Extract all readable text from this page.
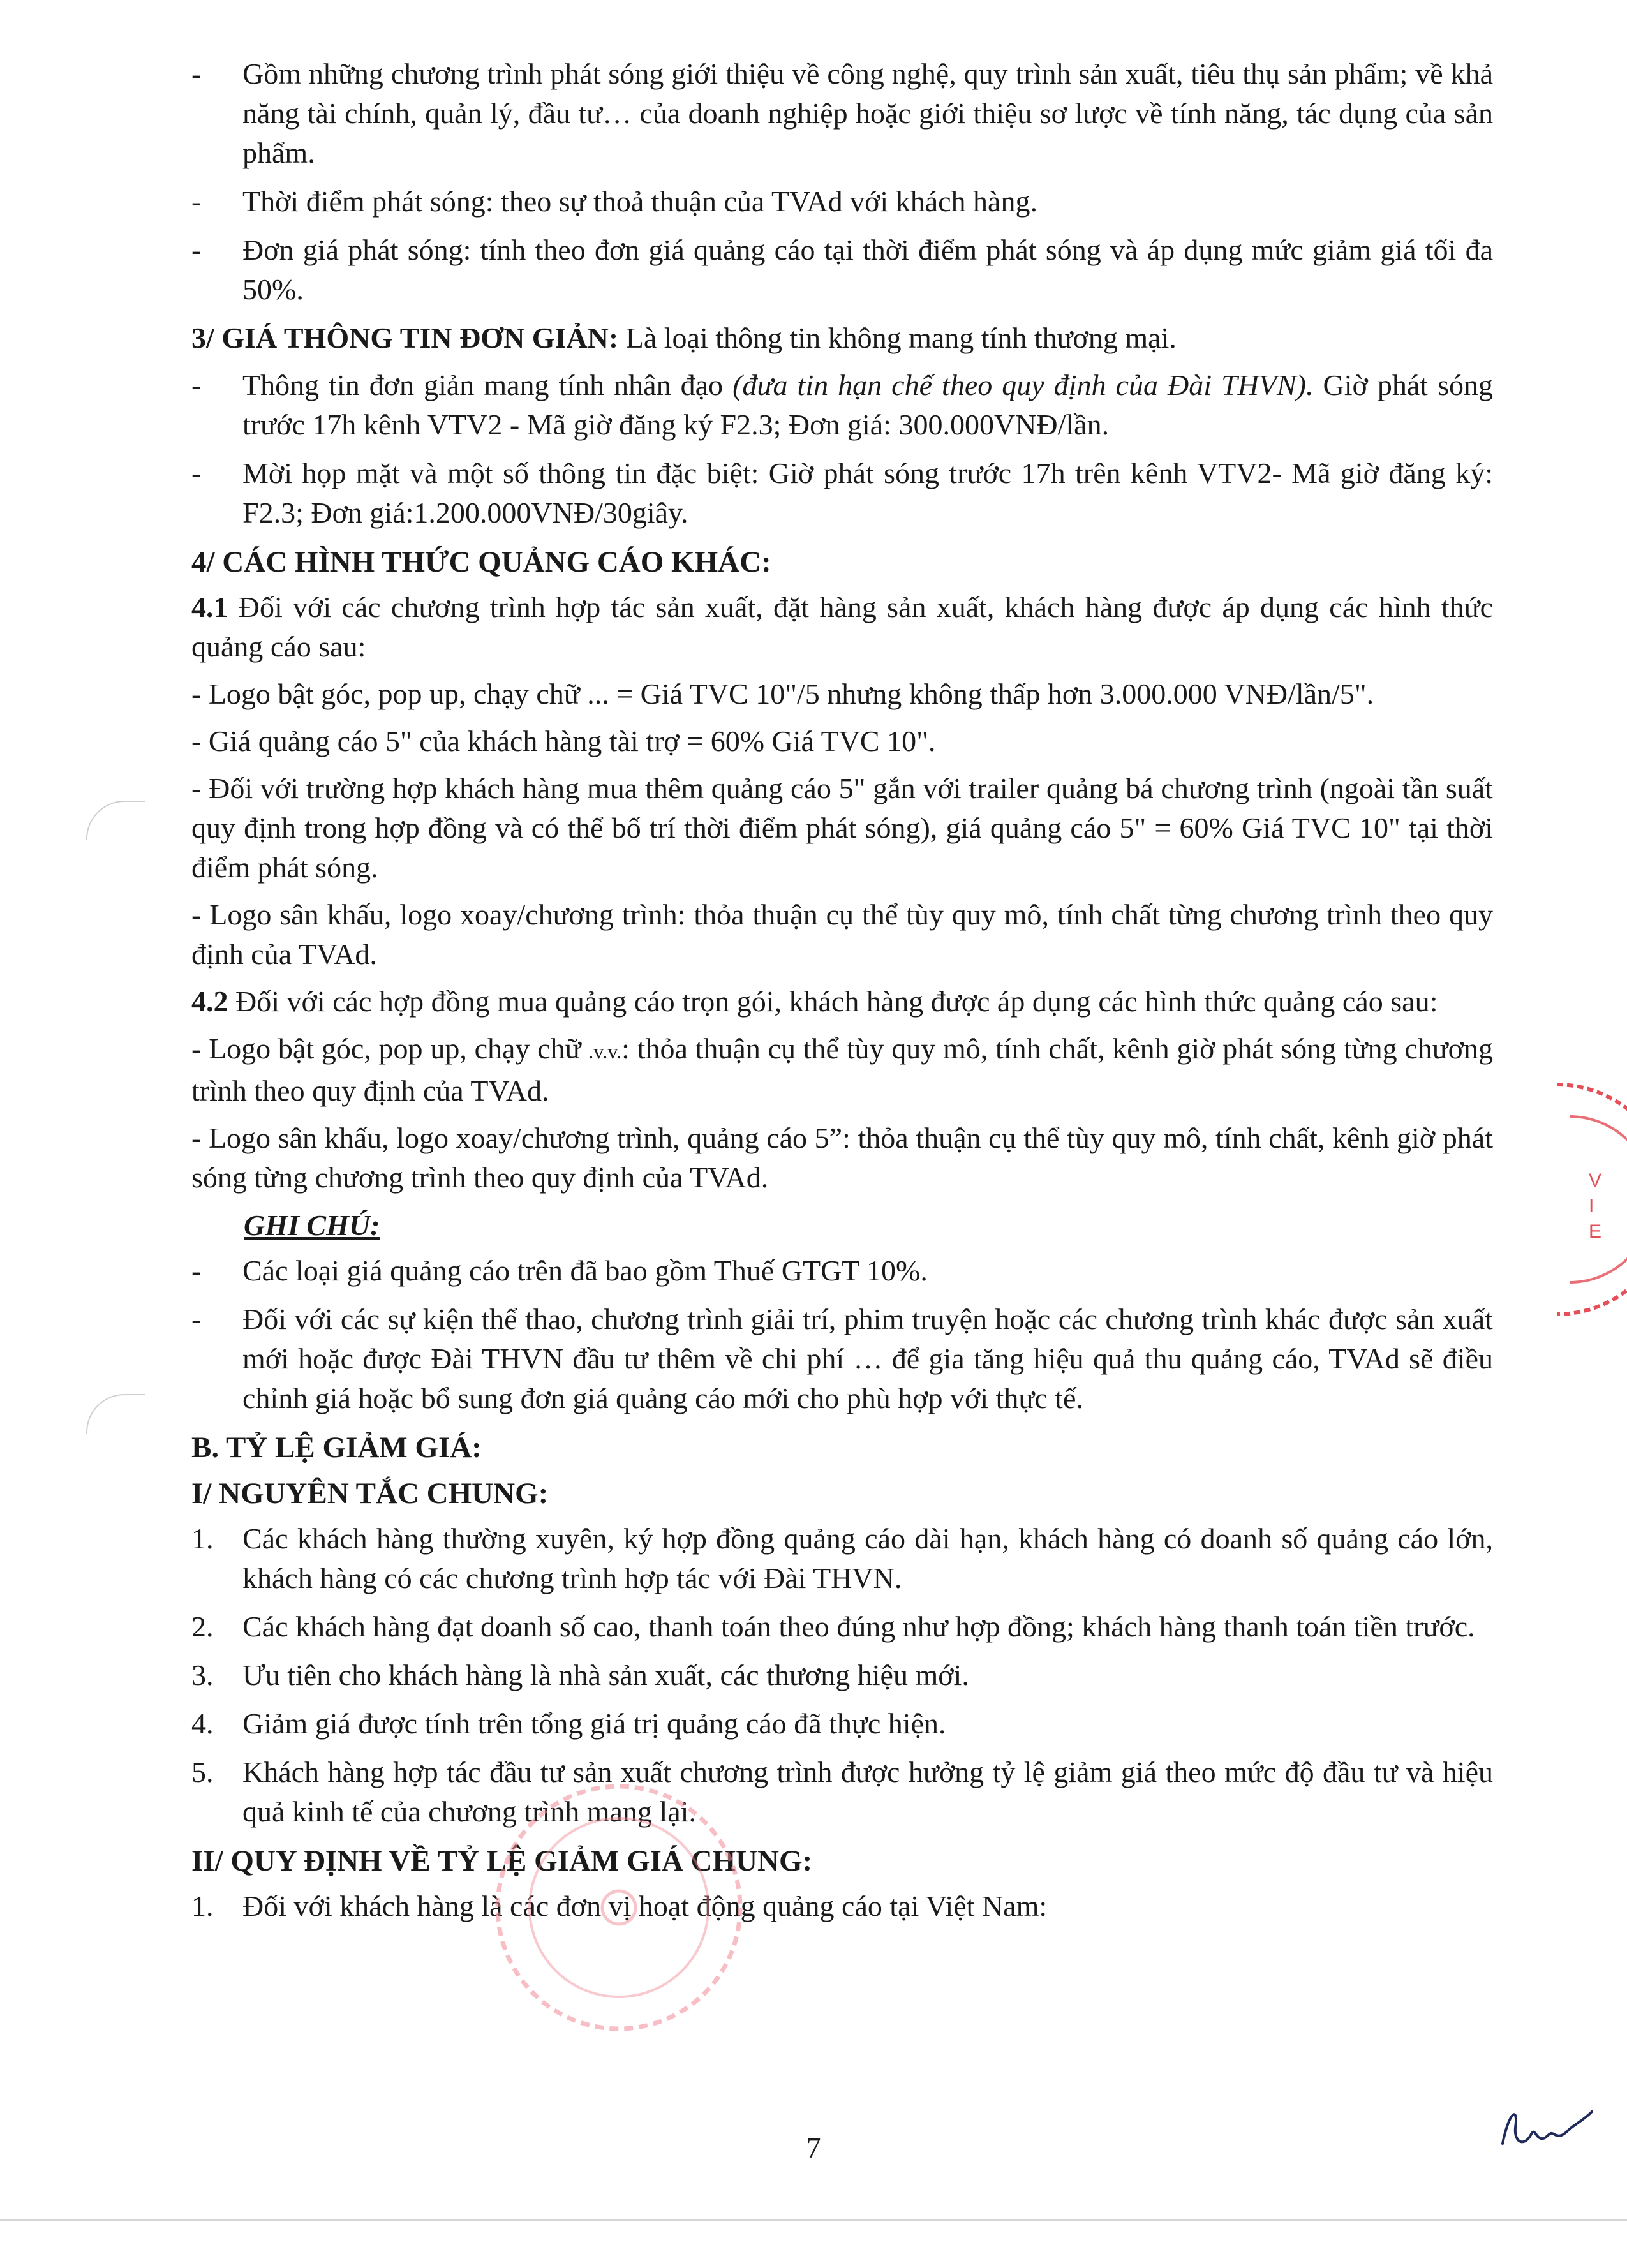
- Gồm những chương trình phát sóng giới thiệu về công nghệ, quy trình sản xuất, tiêu thụ sản phẩm; về khả năng tài chính, quản lý, đầu tư… của doanh nghiệp hoặc giới thiệu sơ lược về tính năng, tác dụng của sản phẩm.
- Thời điểm phát sóng: theo sự thoả thuận của TVAd với khách hàng.
- Đơn giá phát sóng: tính theo đơn giá quảng cáo tại thời điểm phát sóng và áp dụng mức giảm giá tối đa 50%.
3/ GIÁ THÔNG TIN ĐƠN GIẢN: Là loại thông tin không mang tính thương mại.
- Thông tin đơn giản mang tính nhân đạo (đưa tin hạn chế theo quy định của Đài THVN). Giờ phát sóng trước 17h kênh VTV2 - Mã giờ đăng ký F2.3; Đơn giá: 300.000VNĐ/lần.
- Mời họp mặt và một số thông tin đặc biệt: Giờ phát sóng trước 17h trên kênh VTV2- Mã giờ đăng ký: F2.3; Đơn giá:1.200.000VNĐ/30giây.
4/ CÁC HÌNH THỨC QUẢNG CÁO KHÁC:
4.1 Đối với các chương trình hợp tác sản xuất, đặt hàng sản xuất, khách hàng được áp dụng các hình thức quảng cáo sau:
- Logo bật góc, pop up, chạy chữ ... = Giá TVC 10"/5 nhưng không thấp hơn 3.000.000 VNĐ/lần/5".
- Giá quảng cáo 5" của khách hàng tài trợ = 60% Giá TVC 10".
- Đối với trường hợp khách hàng mua thêm quảng cáo 5" gắn với trailer quảng bá chương trình (ngoài tần suất quy định trong hợp đồng và có thể bố trí thời điểm phát sóng), giá quảng cáo 5" = 60% Giá TVC 10" tại thời điểm phát sóng.
- Logo sân khấu, logo xoay/chương trình: thỏa thuận cụ thể tùy quy mô, tính chất từng chương trình theo quy định của TVAd.
4.2 Đối với các hợp đồng mua quảng cáo trọn gói, khách hàng được áp dụng các hình thức quảng cáo sau:
- Logo bật góc, pop up, chạy chữ .v.v.: thỏa thuận cụ thể tùy quy mô, tính chất, kênh giờ phát sóng từng chương trình theo quy định của TVAd.
- Logo sân khấu, logo xoay/chương trình, quảng cáo 5”: thỏa thuận cụ thể tùy quy mô, tính chất, kênh giờ phát sóng từng chương trình theo quy định của TVAd.
GHI CHÚ:
- Các loại giá quảng cáo trên đã bao gồm Thuế GTGT 10%.
- Đối với các sự kiện thể thao, chương trình giải trí, phim truyện hoặc các chương trình khác được sản xuất mới hoặc được Đài THVN đầu tư thêm về chi phí … để gia tăng hiệu quả thu quảng cáo, TVAd sẽ điều chỉnh giá hoặc bổ sung đơn giá quảng cáo mới cho phù hợp với thực tế.
B. TỶ LỆ GIẢM GIÁ:
I/ NGUYÊN TẮC CHUNG:
1. Các khách hàng thường xuyên, ký hợp đồng quảng cáo dài hạn, khách hàng có doanh số quảng cáo lớn, khách hàng có các chương trình hợp tác với Đài THVN.
2. Các khách hàng đạt doanh số cao, thanh toán theo đúng như hợp đồng; khách hàng thanh toán tiền trước.
3. Ưu tiên cho khách hàng là nhà sản xuất, các thương hiệu mới.
4. Giảm giá được tính trên tổng giá trị quảng cáo đã thực hiện.
5. Khách hàng hợp tác đầu tư sản xuất chương trình được hưởng tỷ lệ giảm giá theo mức độ đầu tư và hiệu quả kinh tế của chương trình mang lại.
II/ QUY ĐỊNH VỀ TỶ LỆ GIẢM GIÁ CHUNG:
1. Đối với khách hàng là các đơn vị hoạt động quảng cáo tại Việt Nam:
V
I
E
7
